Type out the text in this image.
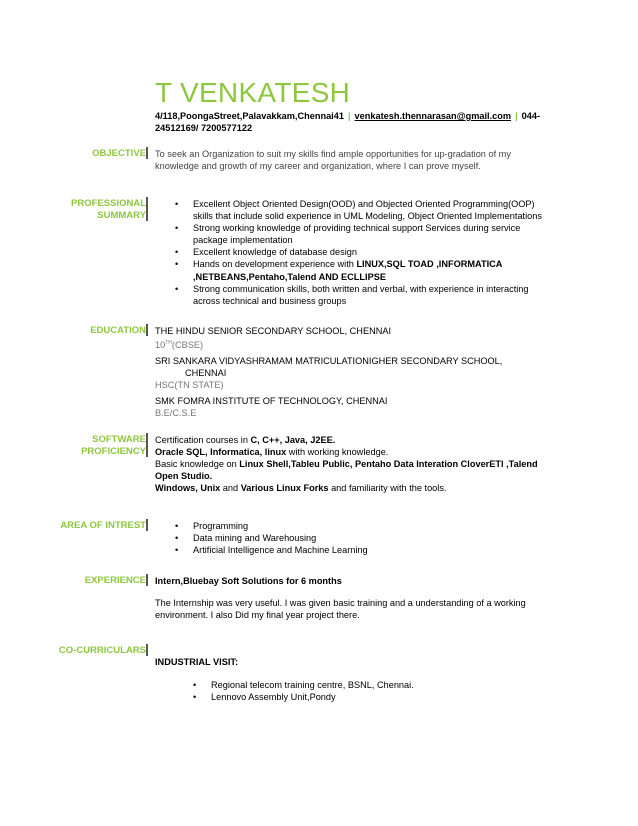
T VENKATESH
4/118,PoongaStreet,Palavakkam,Chennai41 | venkatesh.thennarasan@gmail.com | 044-
24512169/ 7200577122
OBJECTIVE To seek an Organization to suit my skills find ample opportunities for up-gradation of my
knowledge and growth of my career and organization, where I can prove myself.
PROFESSIONAL
SUMMARY
• Excellent Object Oriented Design(OOD) and Objected Oriented Programming(OOP)
skills that include solid experience in UML Modeling, Object Oriented Implementations
• Strong working knowledge of providing technical support Services during service
package implementation
• Excellent knowledge of database design
• Hands on development experience with LINUX,SQL TOAD ,INFORMATICA
,NETBEANS,Pentaho,Talend AND ECLLIPSE
• Strong communication skills, both written and verbal, with experience in interacting
across technical and business groups
EDUCATION THE HINDU SENIOR SECONDARY SCHOOL, CHENNAI
10TH(CBSE)
SRI SANKARA VIDYASHRAMAM MATRICULATIONIGHER SECONDARY SCHOOL,
CHENNAI
HSC(TN STATE)
SMK FOMRA INSTITUTE OF TECHNOLOGY, CHENNAI
B.E/C.S.E
SOFTWARE
PROFICIENCY
Certification courses in C, C++, Java, J2EE.
Oracle SQL, Informatica, linux with working knowledge.
Basic knowledge on Linux Shell,Tableu Public, Pentaho Data Interation CloverETl ,Talend
Open Studio.
Windows, Unix and Various Linux Forks and familiarity with the tools.
AREA OF INTREST
•	Programming
• Data mining and Warehousing
• Artificial Intelligence and Machine Learning
EXPERIENCE Intern,Bluebay Soft Solutions for 6 months
The Internship was very useful. I was given basic training and a understanding of a working
environment. I also Did my final year project there.
CO-CURRICULARS
INDUSTRIAL VISIT:
• Regional telecom training centre, BSNL, Chennai.
• Lennovo Assembly Unit,Pondy
